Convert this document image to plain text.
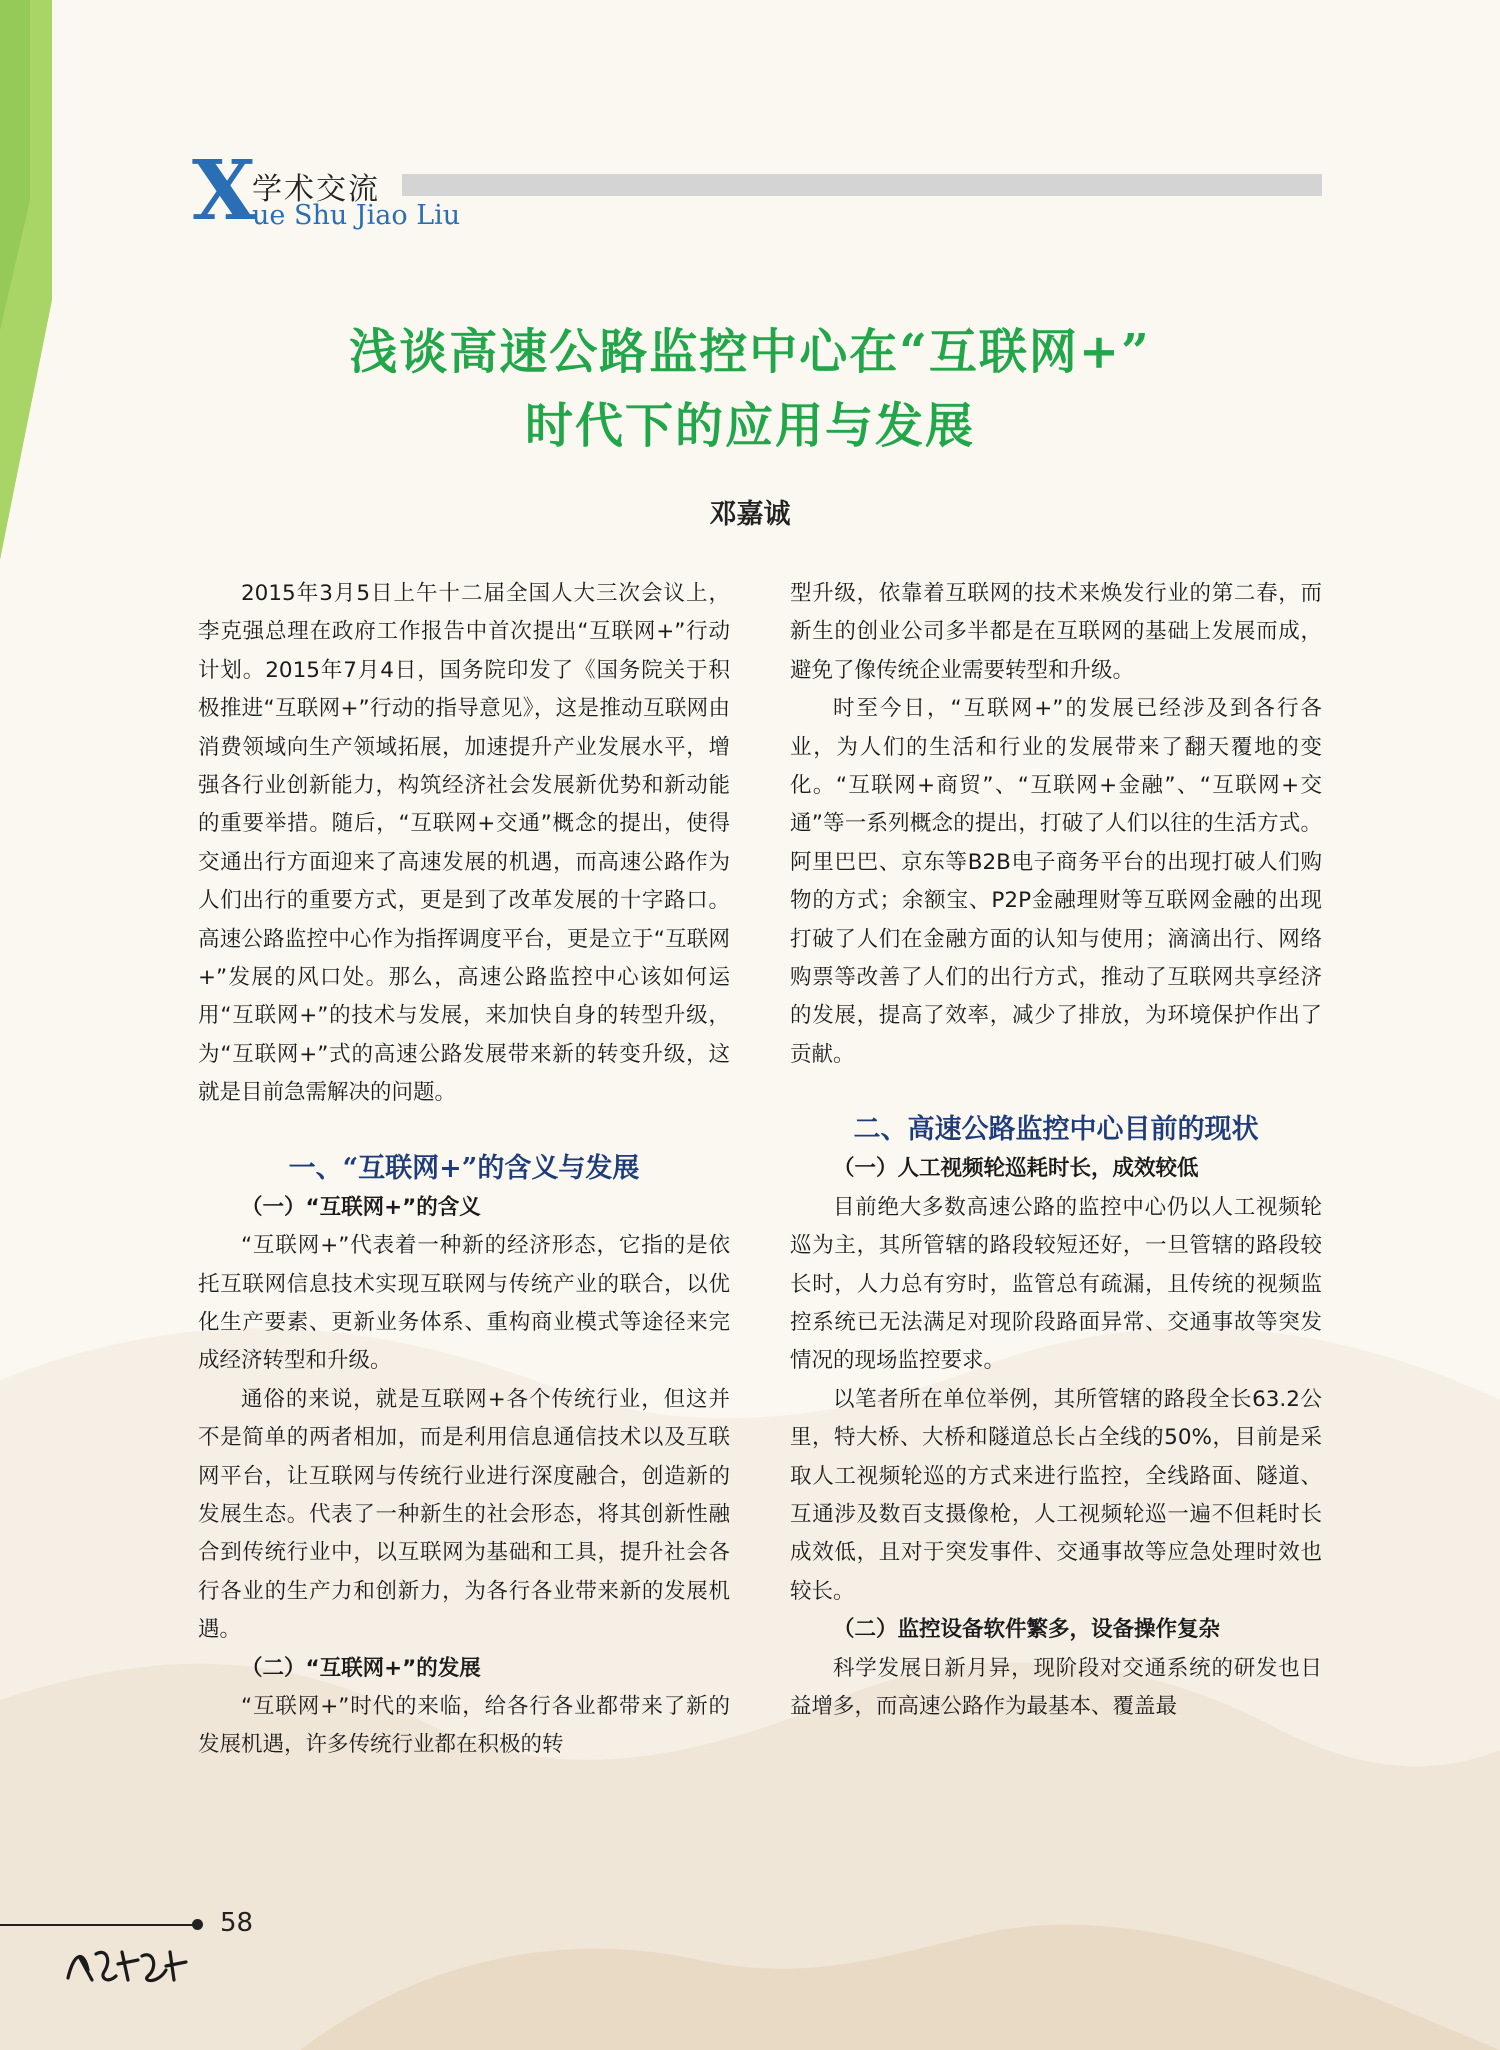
X
学术交流
ue Shu Jiao Liu
浅谈高速公路监控中心在“互联网+”
时代下的应用与发展
邓嘉诚

2015年3月5日上午十二届全国人大三次会议上，李克强总理在政府工作报告中首次提出“互联网+”行动计划。2015年7月4日，国务院印发了《国务院关于积极推进“互联网+”行动的指导意见》，这是推动互联网由消费领域向生产领域拓展，加速提升产业发展水平，增强各行业创新能力，构筑经济社会发展新优势和新动能的重要举措。随后，“互联网+交通”概念的提出，使得交通出行方面迎来了高速发展的机遇，而高速公路作为人们出行的重要方式，更是到了改革发展的十字路口。高速公路监控中心作为指挥调度平台，更是立于“互联网+”发展的风口处。那么，高速公路监控中心该如何运用“互联网+”的技术与发展，来加快自身的转型升级，为“互联网+”式的高速公路发展带来新的转变升级，这就是目前急需解决的问题。

一、“互联网+”的含义与发展
（一）“互联网+”的含义

“互联网+”代表着一种新的经济形态，它指的是依托互联网信息技术实现互联网与传统产业的联合，以优化生产要素、更新业务体系、重构商业模式等途径来完成经济转型和升级。

通俗的来说，就是互联网+各个传统行业，但这并不是简单的两者相加，而是利用信息通信技术以及互联网平台，让互联网与传统行业进行深度融合，创造新的发展生态。代表了一种新生的社会形态，将其创新性融合到传统行业中，以互联网为基础和工具，提升社会各行各业的生产力和创新力，为各行各业带来新的发展机遇。

（二）“互联网+”的发展

“互联网+”时代的来临，给各行各业都带来了新的发展机遇，许多传统行业都在积极的转

型升级，依靠着互联网的技术来焕发行业的第二春，而新生的创业公司多半都是在互联网的基础上发展而成，避免了像传统企业需要转型和升级。

时至今日，“互联网+”的发展已经涉及到各行各业，为人们的生活和行业的发展带来了翻天覆地的变化。“互联网+商贸”、“互联网+金融”、“互联网+交通”等一系列概念的提出，打破了人们以往的生活方式。阿里巴巴、京东等B2B电子商务平台的出现打破人们购物的方式；余额宝、P2P金融理财等互联网金融的出现打破了人们在金融方面的认知与使用；滴滴出行、网络购票等改善了人们的出行方式，推动了互联网共享经济的发展，提高了效率，减少了排放，为环境保护作出了贡献。

二、高速公路监控中心目前的现状
（一）人工视频轮巡耗时长，成效较低

目前绝大多数高速公路的监控中心仍以人工视频轮巡为主，其所管辖的路段较短还好，一旦管辖的路段较长时，人力总有穷时，监管总有疏漏，且传统的视频监控系统已无法满足对现阶段路面异常、交通事故等突发情况的现场监控要求。

以笔者所在单位举例，其所管辖的路段全长63.2公里，特大桥、大桥和隧道总长占全线的50%，目前是采取人工视频轮巡的方式来进行监控，全线路面、隧道、互通涉及数百支摄像枪，人工视频轮巡一遍不但耗时长成效低，且对于突发事件、交通事故等应急处理时效也较长。

（二）监控设备软件繁多，设备操作复杂

科学发展日新月异，现阶段对交通系统的研发也日益增多，而高速公路作为最基本、覆盖最

58
